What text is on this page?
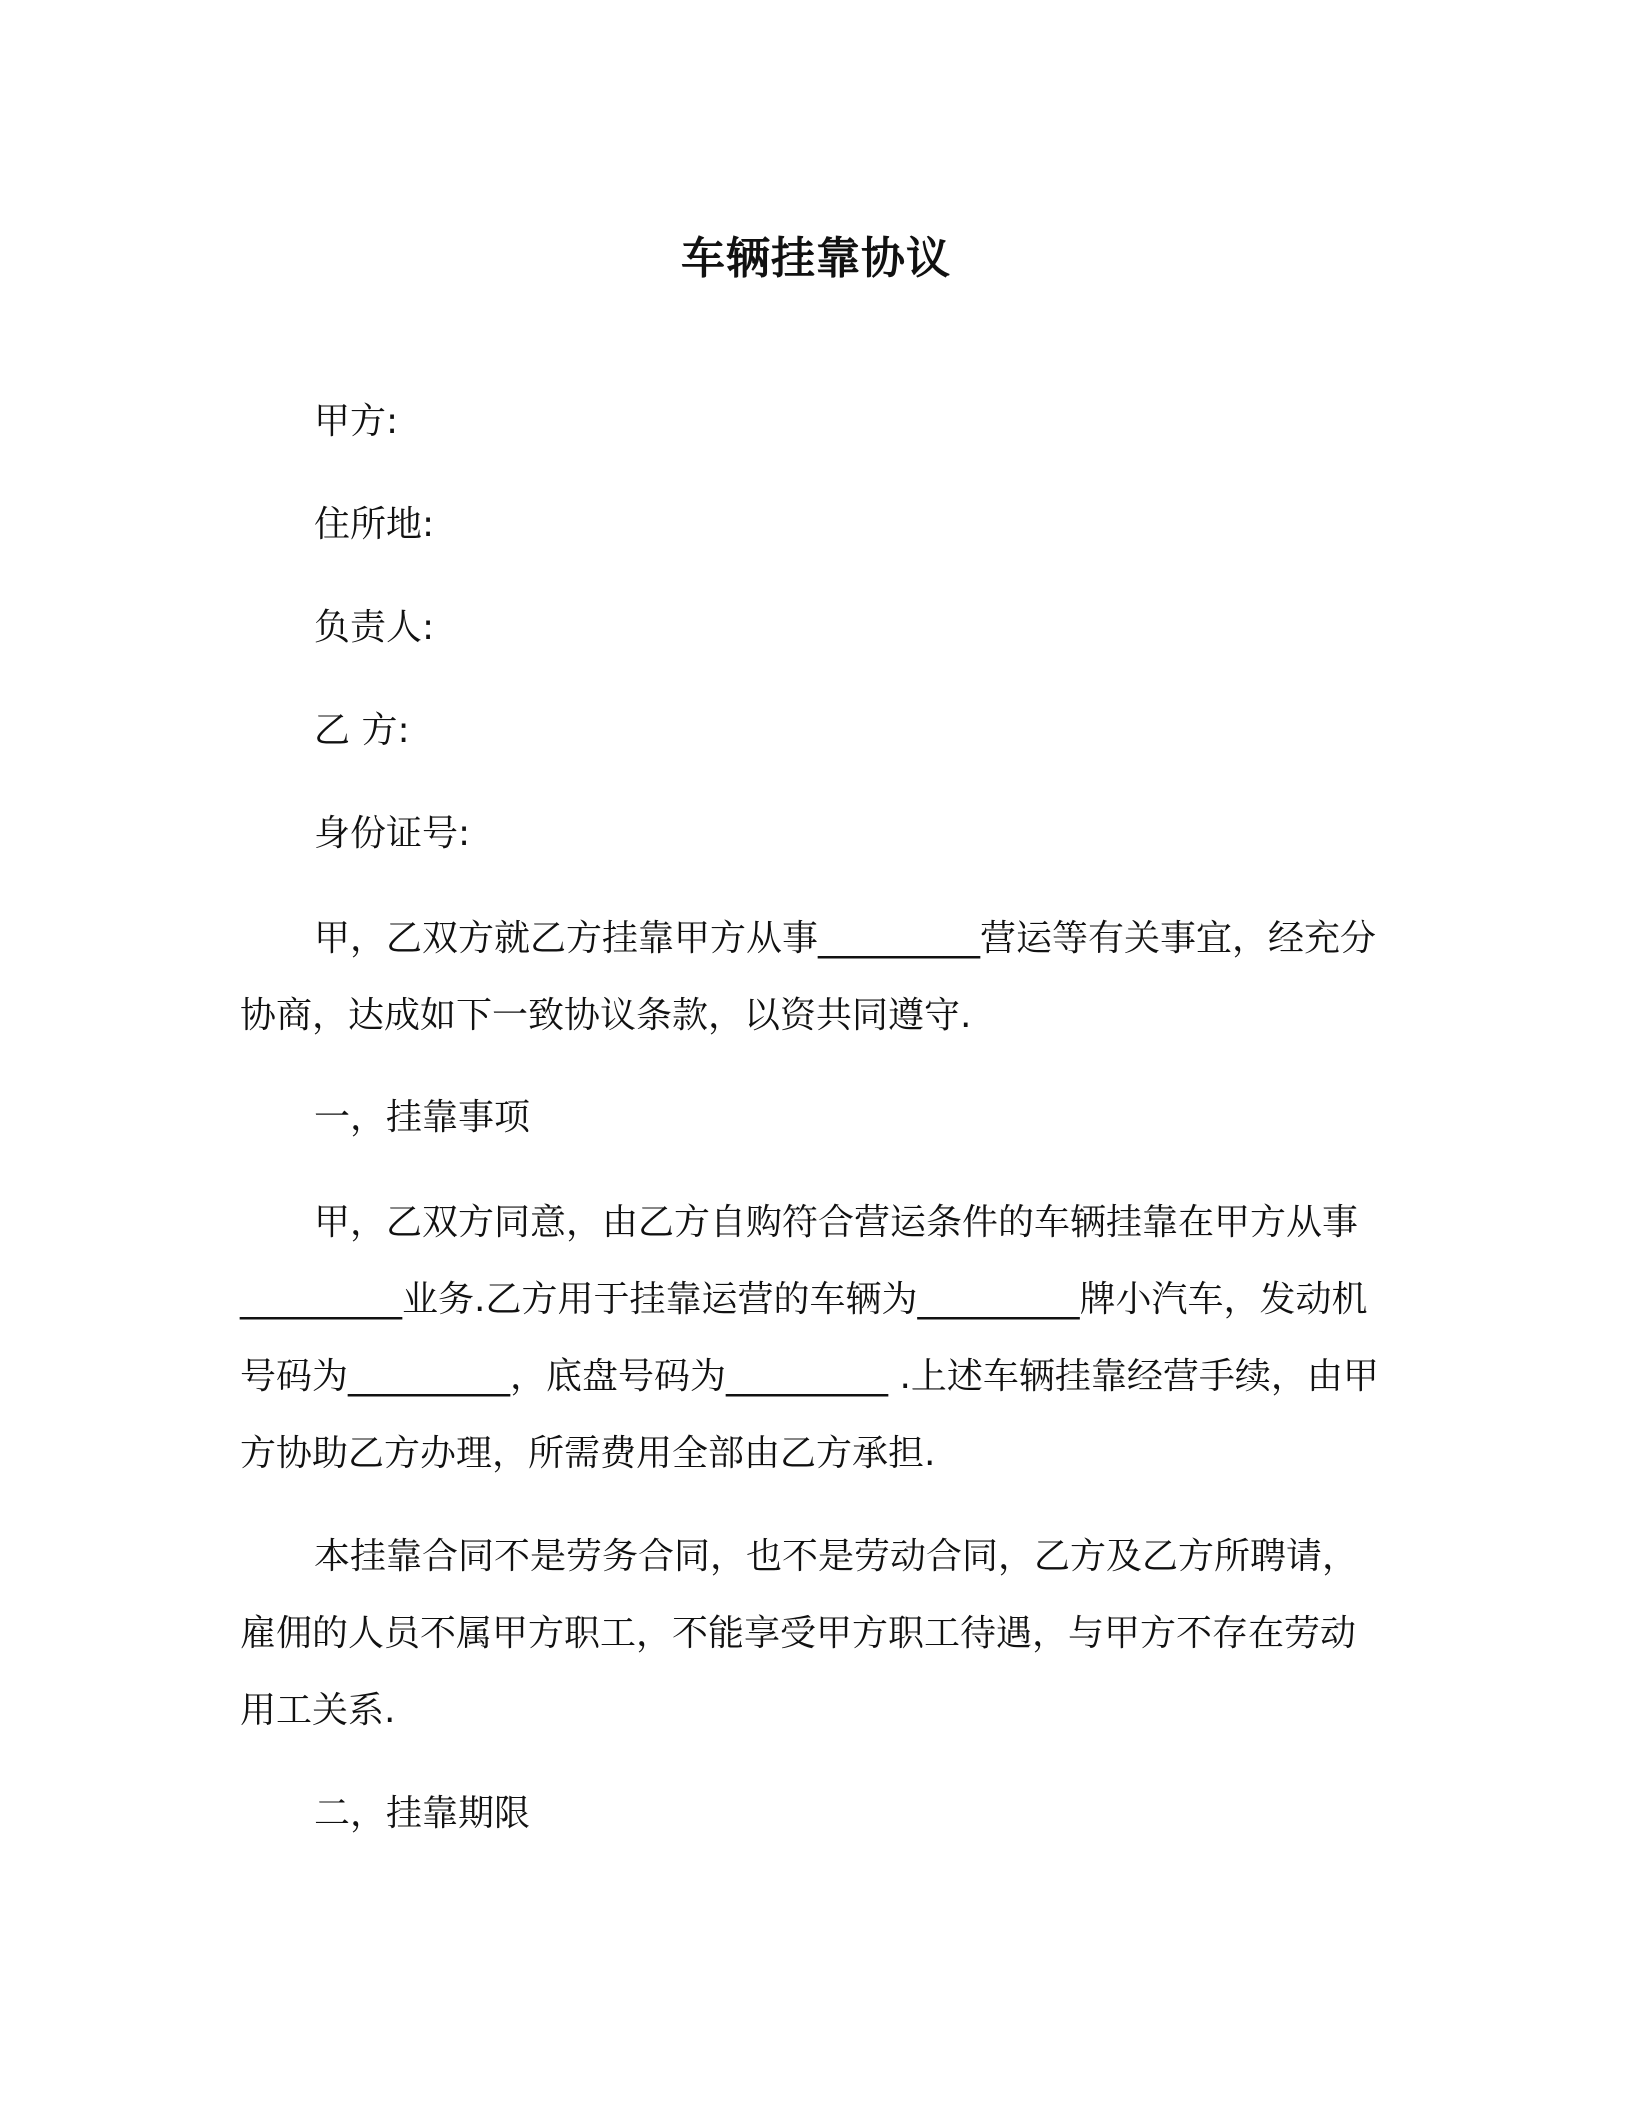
车辆挂靠协议
甲方:
住所地:
负责人:
乙 方:
身份证号:
甲，乙双方就乙方挂靠甲方从事_________营运等有关事宜，经充分协商，达成如下一致协议条款，以资共同遵守.
一，挂靠事项
甲，乙双方同意，由乙方自购符合营运条件的车辆挂靠在甲方从事_________业务.乙方用于挂靠运营的车辆为_________牌小汽车，发动机号码为_________，底盘号码为_________ .上述车辆挂靠经营手续，由甲方协助乙方办理，所需费用全部由乙方承担.
本挂靠合同不是劳务合同，也不是劳动合同，乙方及乙方所聘请，雇佣的人员不属甲方职工，不能享受甲方职工待遇，与甲方不存在劳动用工关系.
二，挂靠期限
